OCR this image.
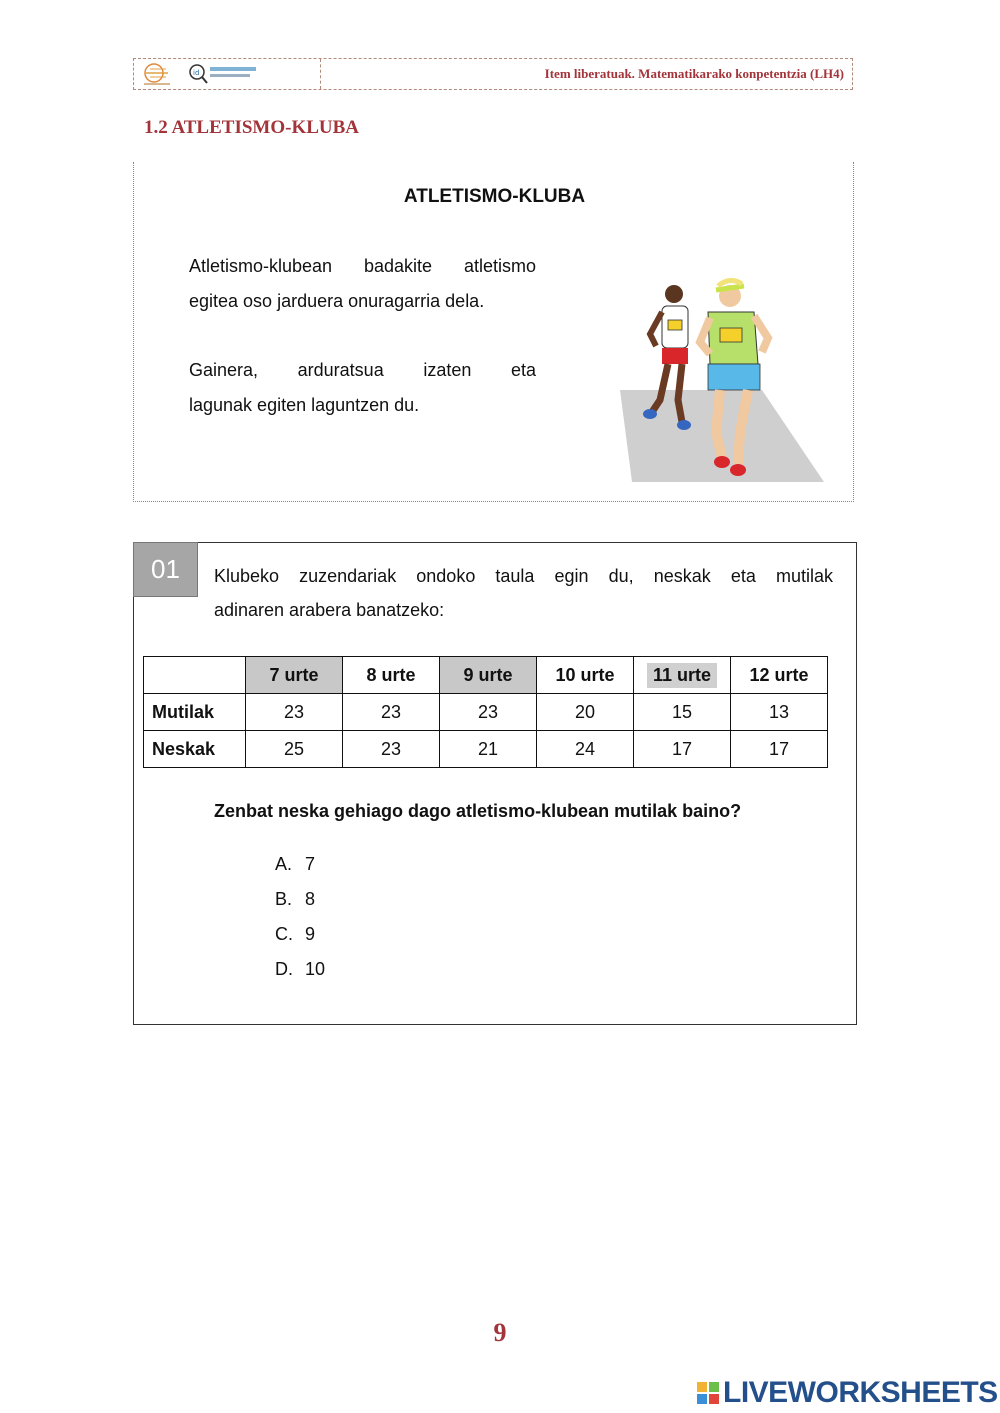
id	Item liberatuak. Matematikarako konpetentzia (LH4)
1.2 ATLETISMO-KLUBA
ATLETISMO-KLUBA
Atletismo-klubean badakite atletismo
egitea oso jarduera onuragarria dela.
Gainera, arduratsua izaten eta
lagunak egiten laguntzen du.
01	Klubeko zuzendariak ondoko taula egin du, neskak eta mutilak
adinaren arabera banatzeko:
	7 urte	8 urte	9 urte	10 urte	11 urte	12 urte
Mutilak	23	23	23	20	15	13
Neskak	25	23	21	24	17	17
Zenbat neska gehiago dago atletismo-klubean mutilak baino?
A. 7
B. 8
C. 9
D. 10
9
LIVEWORKSHEETS
